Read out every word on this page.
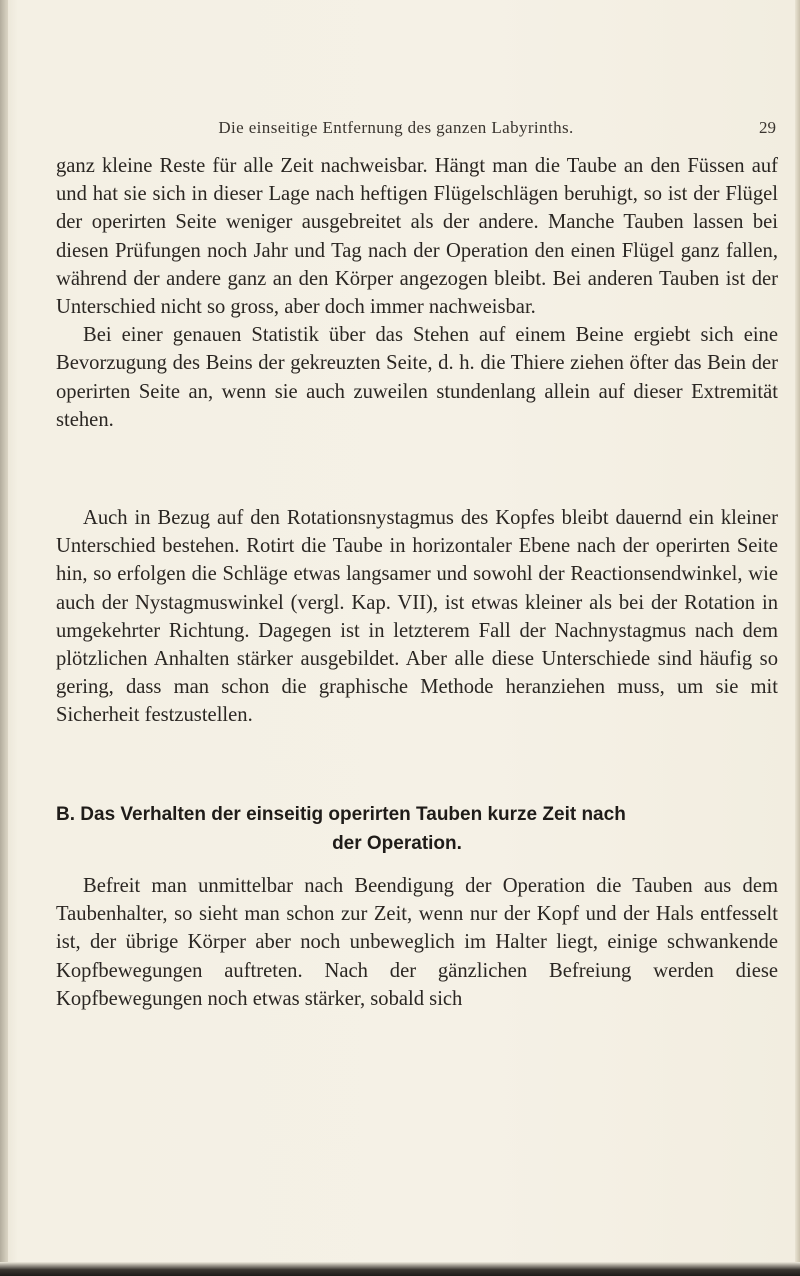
Die einseitige Entfernung des ganzen Labyrinths.	29

ganz kleine Reste für alle Zeit nachweisbar. Hängt man die Taube an den Füssen auf und hat sie sich in dieser Lage nach heftigen Flügelschlägen beruhigt, so ist der Flügel der operirten Seite weniger ausgebreitet als der andere. Manche Tauben lassen bei diesen Prüfungen noch Jahr und Tag nach der Operation den einen Flügel ganz fallen, während der andere ganz an den Körper angezogen bleibt. Bei anderen Tauben ist der Unterschied nicht so gross, aber doch immer nachweisbar.

Bei einer genauen Statistik über das Stehen auf einem Beine ergiebt sich eine Bevorzugung des Beins der gekreuzten Seite, d. h. die Thiere ziehen öfter das Bein der operirten Seite an, wenn sie auch zuweilen stundenlang allein auf dieser Extremität stehen.

Auch in Bezug auf den Rotationsnystagmus des Kopfes bleibt dauernd ein kleiner Unterschied bestehen. Rotirt die Taube in horizontaler Ebene nach der operirten Seite hin, so erfolgen die Schläge etwas langsamer und sowohl der Reactionsendwinkel, wie auch der Nystagmuswinkel (vergl. Kap. VII), ist etwas kleiner als bei der Rotation in umgekehrter Richtung. Dagegen ist in letzterem Fall der Nachnystagmus nach dem plötzlichen Anhalten stärker ausgebildet. Aber alle diese Unterschiede sind häufig so gering, dass man schon die graphische Methode heranziehen muss, um sie mit Sicherheit festzustellen.

B. Das Verhalten der einseitig operirten Tauben kurze Zeit nach
der Operation.

Befreit man unmittelbar nach Beendigung der Operation die Tauben aus dem Taubenhalter, so sieht man schon zur Zeit, wenn nur der Kopf und der Hals entfesselt ist, der übrige Körper aber noch unbeweglich im Halter liegt, einige schwankende Kopfbewegungen auftreten. Nach der gänzlichen Befreiung werden diese Kopfbewegungen noch etwas stärker, sobald sich
